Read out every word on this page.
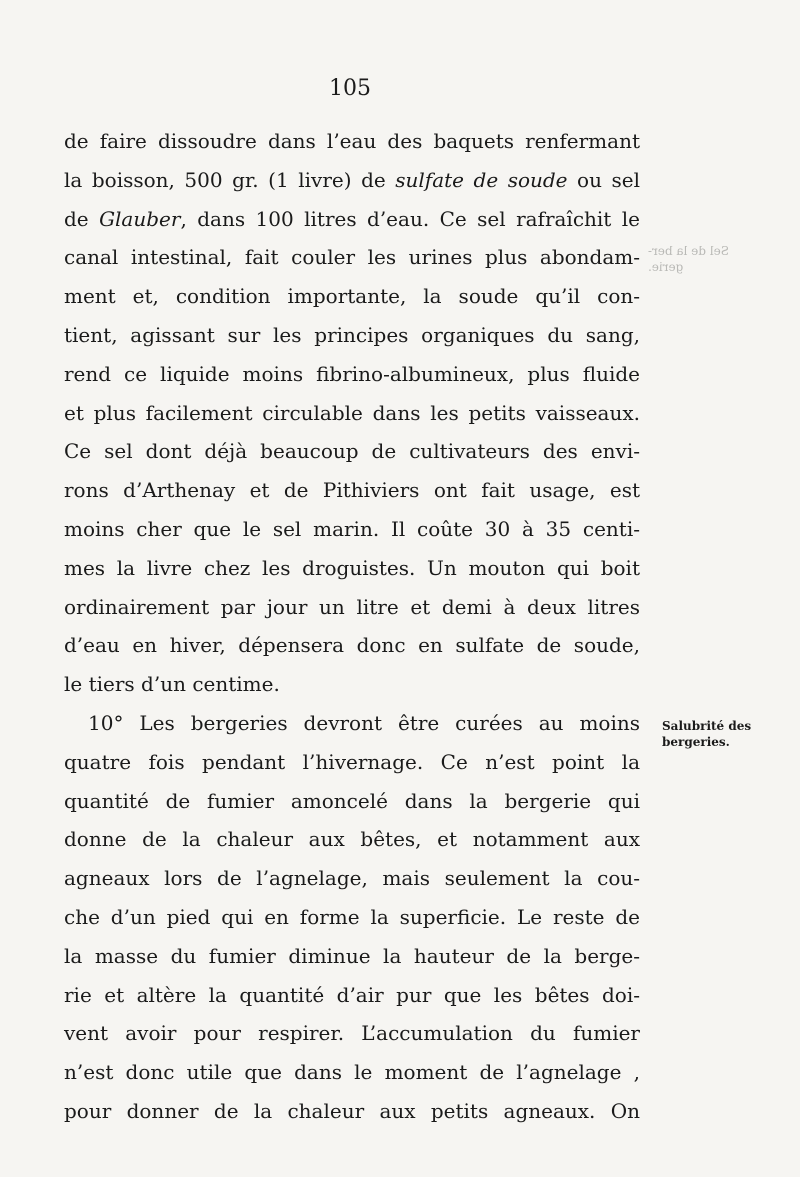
105
de faire dissoudre dans l’eau des baquets renfermant
la boisson, 500 gr. (1 livre) de sulfate de soude ou sel
de Glauber, dans 100 litres d’eau. Ce sel rafraîchit le
canal intestinal, fait couler les urines plus abondam-
ment et, condition importante, la soude qu’il con-
tient, agissant sur les principes organiques du sang,
rend ce liquide moins fibrino-albumineux, plus fluide
et plus facilement circulable dans les petits vaisseaux.
Ce sel dont déjà beaucoup de cultivateurs des envi-
rons d’Arthenay et de Pithiviers ont fait usage, est
moins cher que le sel marin. Il coûte 30 à 35 centi-
mes la livre chez les droguistes. Un mouton qui boit
ordinairement par jour un litre et demi à deux litres
d’eau en hiver, dépensera donc en sulfate de soude,
le tiers d’un centime.
10° Les bergeries devront être curées au moins
quatre fois pendant l’hivernage. Ce n’est point la
quantité de fumier amoncelé dans la bergerie qui
donne de la chaleur aux bêtes, et notamment aux
agneaux lors de l’agnelage, mais seulement la cou-
che d’un pied qui en forme la superficie. Le reste de
la masse du fumier diminue la hauteur de la berge-
rie et altère la quantité d’air pur que les bêtes doi-
vent avoir pour respirer. L’accumulation du fumier
n’est donc utile que dans le moment de l’agnelage ,
pour donner de la chaleur aux petits agneaux. On
Salubrité des
bergeries.
Sel de la ber-
gerie.
